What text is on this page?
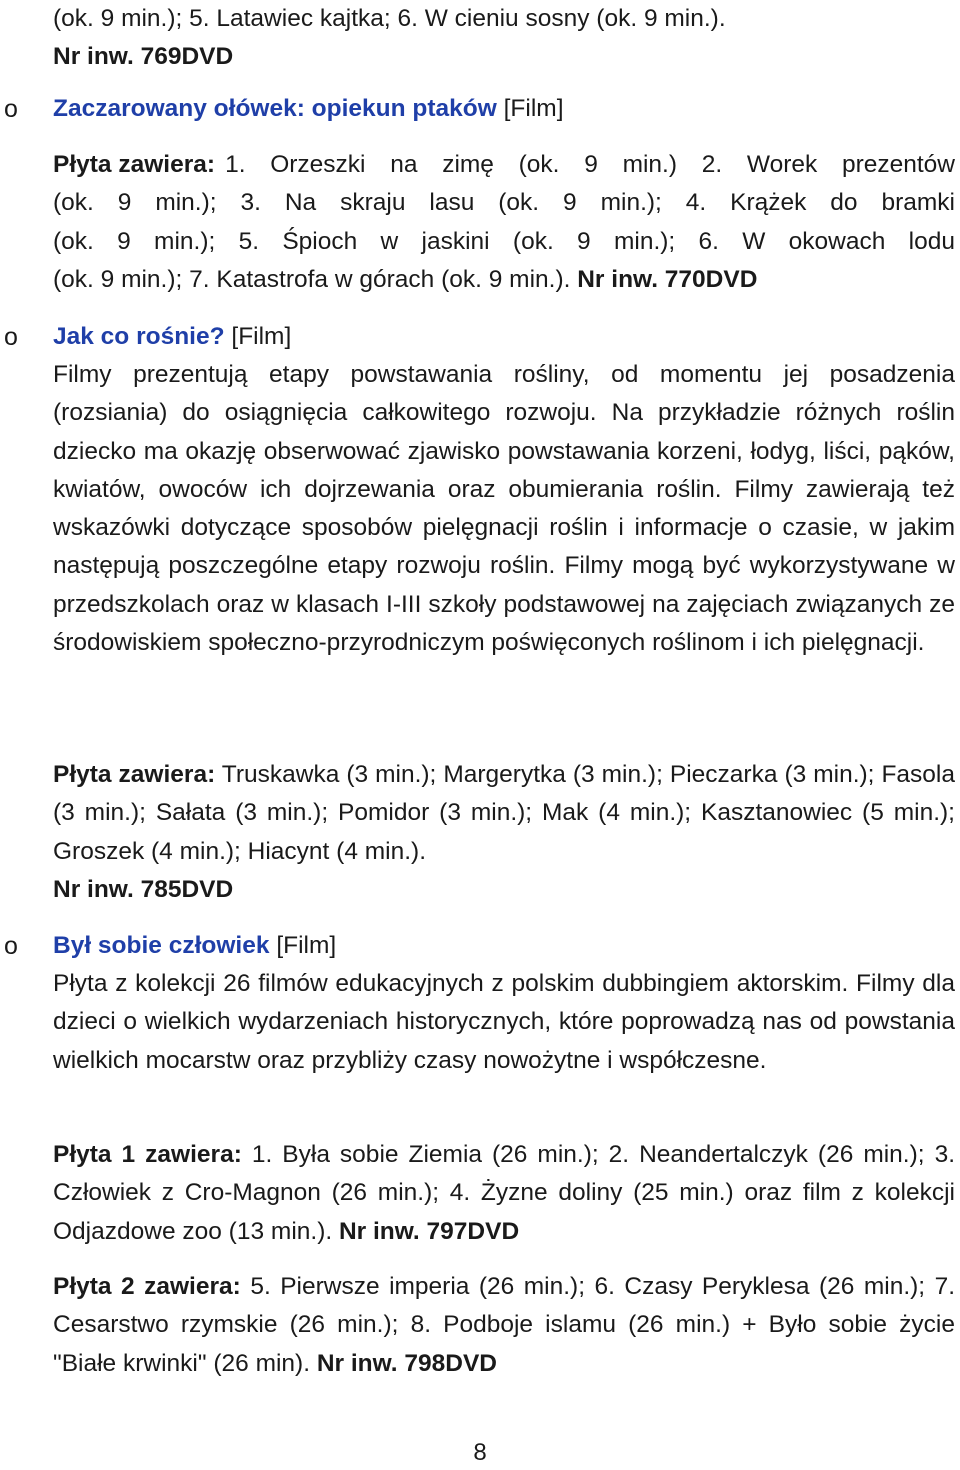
(ok. 9 min.); 5. Latawiec kajtka; 6. W cieniu sosny (ok. 9 min.).
Nr inw. 769DVD

o Zaczarowany ołówek: opiekun ptaków [Film]

Płyta zawiera: 1. Orzeszki na zimę (ok. 9 min.) 2. Worek prezentów
(ok. 9 min.); 3. Na skraju lasu (ok. 9 min.); 4. Krążek do bramki
(ok. 9 min.); 5. Śpioch w jaskini (ok. 9 min.); 6. W okowach lodu
(ok. 9 min.); 7. Katastrofa w górach (ok. 9 min.). Nr inw. 770DVD
o Jak co rośnie? [Film]

Filmy prezentują etapy powstawania rośliny, od momentu jej posadzenia (rozsiania) do osiągnięcia całkowitego rozwoju. Na przykładzie różnych roślin dziecko ma okazję obserwować zjawisko powstawania korzeni, łodyg, liści, pąków, kwiatów, owoców ich dojrzewania oraz obumierania roślin. Filmy zawierają też wskazówki dotyczące sposobów pielęgnacji roślin i informacje o czasie, w jakim następują poszczególne etapy rozwoju roślin. Filmy mogą być wykorzystywane w przedszkolach oraz w klasach I-III szkoły podstawowej na zajęciach związanych ze środowiskiem społeczno-przyrodniczym poświęconych roślinom i ich pielęgnacji.

Płyta zawiera: Truskawka (3 min.); Margerytka (3 min.); Pieczarka (3 min.); Fasola (3 min.); Sałata (3 min.); Pomidor (3 min.); Mak (4 min.); Kasztanowiec (5 min.); Groszek (4 min.); Hiacynt (4 min.).
Nr inw. 785DVD

o Był sobie człowiek [Film]

Płyta z kolekcji 26 filmów edukacyjnych z polskim dubbingiem aktorskim. Filmy dla dzieci o wielkich wydarzeniach historycznych, które poprowadzą nas od powstania wielkich mocarstw oraz przybliży czasy nowożytne i współczesne.

Płyta 1 zawiera: 1. Była sobie Ziemia (26 min.); 2. Neandertalczyk (26 min.); 3. Człowiek z Cro-Magnon (26 min.); 4. Żyzne doliny (25 min.) oraz film z kolekcji Odjazdowe zoo (13 min.). Nr inw. 797DVD

Płyta 2 zawiera: 5. Pierwsze imperia (26 min.); 6. Czasy Peryklesa (26 min.); 7. Cesarstwo rzymskie (26 min.); 8. Podboje islamu (26 min.) + Było sobie życie "Białe krwinki" (26 min). Nr inw. 798DVD

8
